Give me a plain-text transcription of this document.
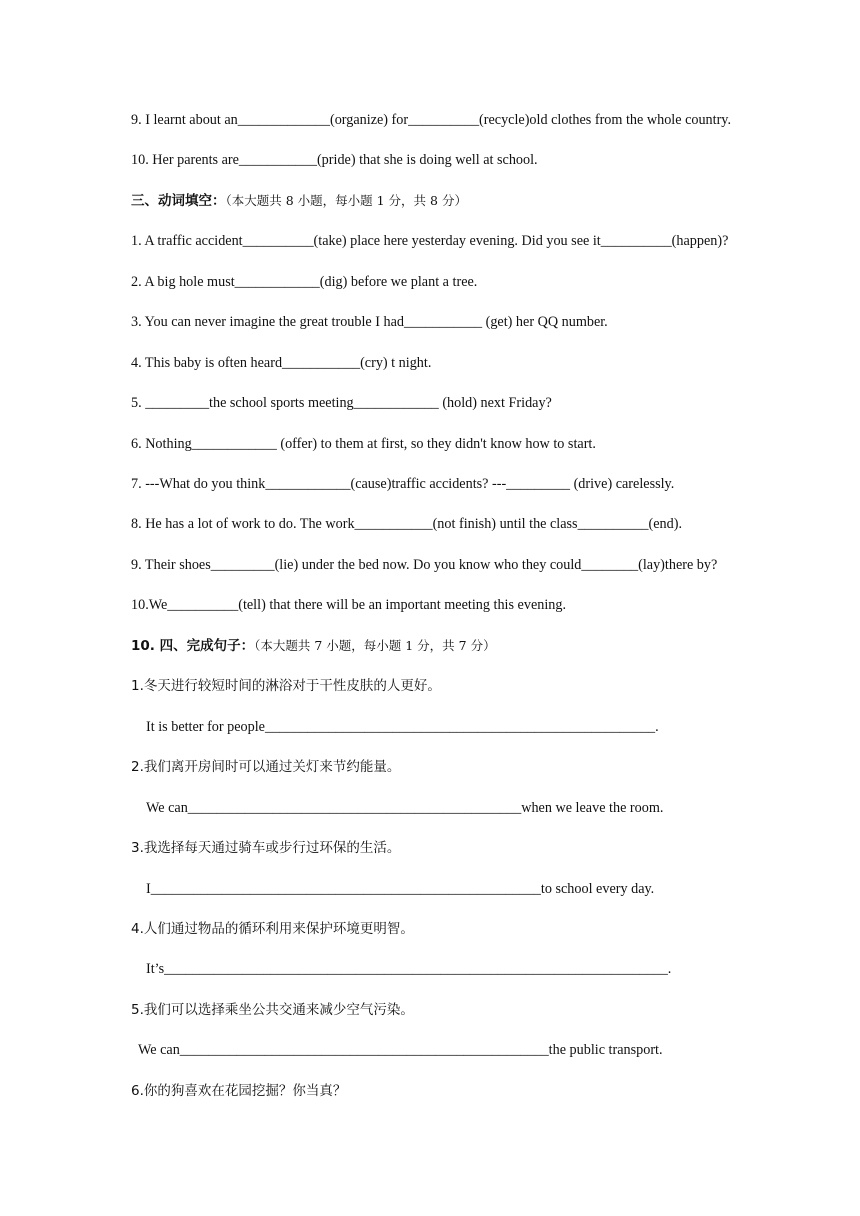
9. I learnt about an_____________(organize) for__________(recycle)old clothes from the whole country.
10. Her parents are___________(pride) that she is doing well at school.
三、动词填空：（本大题共 8 小题，每小题 1 分，共 8 分）
1. A traffic accident__________(take) place here yesterday evening. Did you see it__________(happen)?
2. A big hole must____________(dig) before we plant a tree.
3. You can never imagine the great trouble I had___________ (get) her QQ number.
4. This baby is often heard___________(cry) t night.
5. _________the school sports meeting____________ (hold) next Friday?
6. Nothing____________ (offer) to them at first, so they didn't know how to start.
7. ---What do you think____________(cause)traffic accidents? ---_________ (drive) carelessly.
8. He has a lot of work to do. The work___________(not finish) until the class__________(end).
9. Their shoes_________(lie) under the bed now. Do you know who they could________(lay)there by?
10.We__________(tell) that there will be an important meeting this evening.
10. 四、完成句子：（本大题共 7 小题，每小题 1 分，共 7 分）
1.冬天进行较短时间的淋浴对于干性皮肤的人更好。
It is better for people_______________________________________________________.
2.我们离开房间时可以通过关灯来节约能量。
We can_______________________________________________when we leave the room.
3.我选择每天通过骑车或步行过环保的生活。
I_______________________________________________________to school every day.
4.人们通过物品的循环利用来保护环境更明智。
It’s_______________________________________________________________________.
5.我们可以选择乘坐公共交通来减少空气污染。
We can____________________________________________________the public transport.
6.你的狗喜欢在花园挖掘？你当真？
